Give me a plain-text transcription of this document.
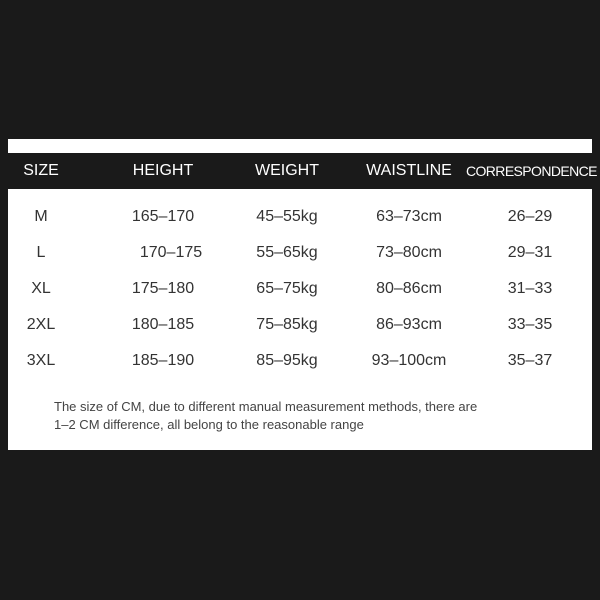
SIZE	HEIGHT	WEIGHT	WAISTLINE	CORRESPONDENCE
M	165–170	45–55kg	63–73cm	26–29
L	170–175	55–65kg	73–80cm	29–31
XL	175–180	65–75kg	80–86cm	31–33
2XL	180–185	75–85kg	86–93cm	33–35
3XL	185–190	85–95kg	93–100cm	35–37
The size of CM, due to different manual measurement methods, there are
1–2 CM difference, all belong to the reasonable range
